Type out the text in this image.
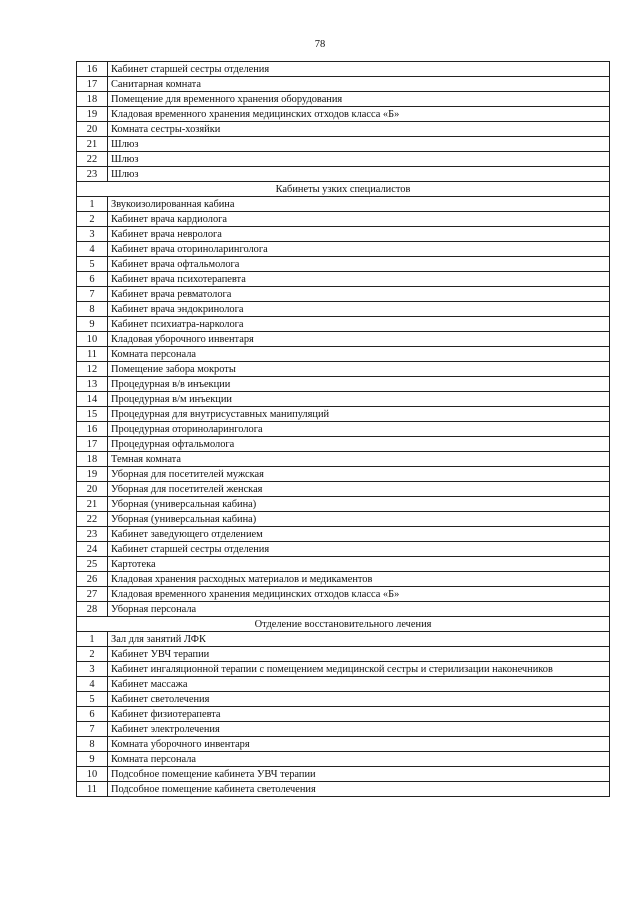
78
16	Кабинет старшей сестры отделения
17	Санитарная комната
18	Помещение для временного хранения оборудования
19	Кладовая временного хранения медицинских отходов класса «Б»
20	Комната сестры-хозяйки
21	Шлюз
22	Шлюз
23	Шлюз
Кабинеты узких специалистов	
1	Звукоизолированная кабина
2	Кабинет врача кардиолога
3	Кабинет врача невролога
4	Кабинет врача оториноларинголога
5	Кабинет врача офтальмолога
6	Кабинет врача психотерапевта
7	Кабинет врача ревматолога
8	Кабинет врача эндокринолога
9	Кабинет психиатра-нарколога
10	Кладовая уборочного инвентаря
11	Комната персонала
12	Помещение забора мокроты
13	Процедурная в/в инъекции
14	Процедурная в/м инъекции
15	Процедурная для внутрисуставных манипуляций
16	Процедурная оториноларинголога
17	Процедурная офтальмолога
18	Темная комната
19	Уборная для посетителей мужская
20	Уборная для посетителей женская
21	Уборная (универсальная кабина)
22	Уборная (универсальная кабина)
23	Кабинет заведующего отделением
24	Кабинет старшей сестры отделения
25	Картотека
26	Кладовая хранения расходных материалов и медикаментов
27	Кладовая временного хранения медицинских отходов класса «Б»
28	Уборная персонала
Отделение восстановительного лечения	
1	Зал для занятий ЛФК
2	Кабинет УВЧ терапии
3	Кабинет ингаляционной терапии с помещением медицинской сестры и стерилизации наконечников
4	Кабинет массажа
5	Кабинет светолечения
6	Кабинет физиотерапевта
7	Кабинет электролечения
8	Комната уборочного инвентаря
9	Комната персонала
10	Подсобное помещение кабинета УВЧ терапии
11	Подсобное помещение кабинета светолечения
